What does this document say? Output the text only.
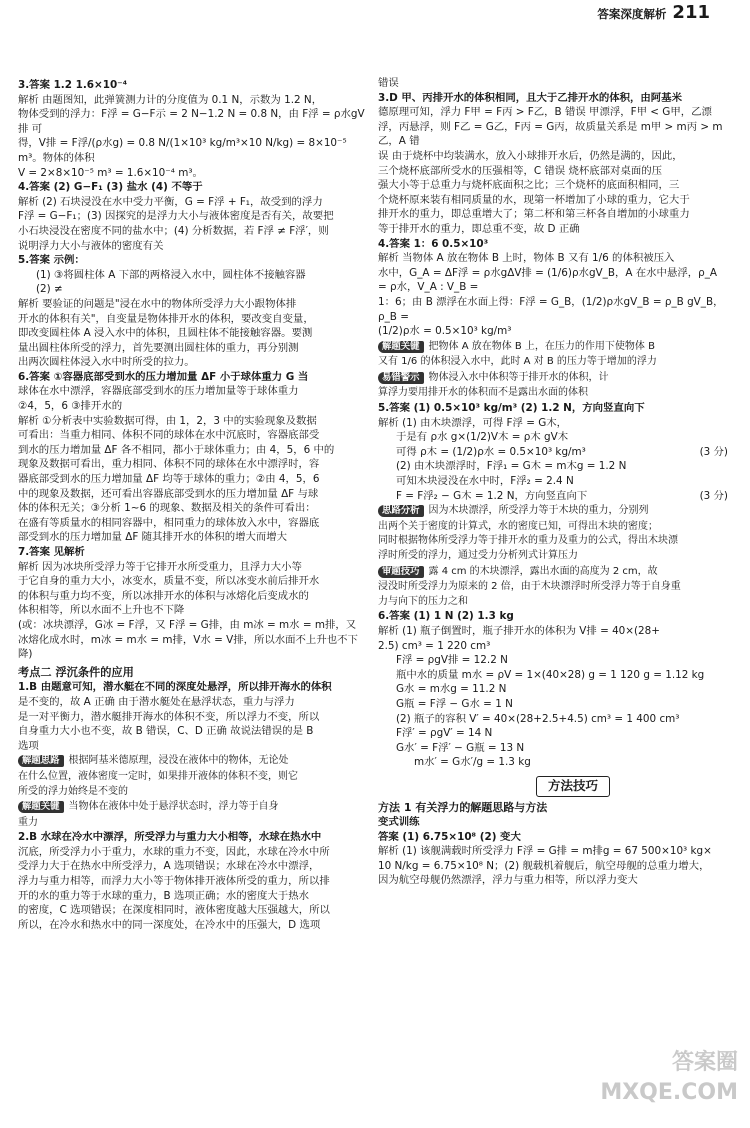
答案深度解析 211
3.答案 1.2 1.6×10⁻⁴
解析 由题图知，此弹簧测力计的分度值为 0.1 N，示数为 1.2 N，
物体受到的浮力：F浮 = G−F示 = 2 N−1.2 N = 0.8 N，由 F浮 = ρ水gV排 可
得，V排 = F浮/(ρ水g) = 0.8 N/(1×10³ kg/m³×10 N/kg) = 8×10⁻⁵ m³。物体的体积
V = 2×8×10⁻⁵ m³ = 1.6×10⁻⁴ m³。
4.答案 (2) G−F₁ (3) 盐水 (4) 不等于
解析 (2) 石块浸没在水中受力平衡，G = F浮 + F₁，故受到的浮力
F浮 = G−F₁；(3) 因探究的是浮力大小与液体密度是否有关，故要把
小石块浸没在密度不同的盐水中；(4) 分析数据，若 F浮 ≠ F浮′，则
说明浮力大小与液体的密度有关
5.答案 示例：
(1) ③将圆柱体 A 下部的两格浸入水中，圆柱体不接触容器
(2) ≠
解析 要验证的问题是"浸在水中的物体所受浮力大小跟物体排
开水的体积有关"，自变量是物体排开水的体积，要改变自变量，
即改变圆柱体 A 浸入水中的体积，且圆柱体不能接触容器。要测
量出圆柱体所受的浮力，首先要测出圆柱体的重力，再分别测
出两次圆柱体浸入水中时所受的拉力。
6.答案 ①容器底部受到水的压力增加量 ΔF 小于球体重力 G 当
球体在水中漂浮，容器底部受到水的压力增加量等于球体重力
②4，5，6 ③排开水的
解析 ①分析表中实验数据可得，由 1，2，3 中的实验现象及数据
可看出：当重力相同、体积不同的球体在水中沉底时，容器底部受
到水的压力增加量 ΔF 各不相同，都小于球体重力；由 4，5，6 中的
现象及数据可看出，重力相同、体积不同的球体在水中漂浮时，容
器底部受到水的压力增加量 ΔF 均等于球体的重力；②由 4，5，6
中的现象及数据，还可看出容器底部受到水的压力增加量 ΔF 与球
体的体积无关；③分析 1~6 的现象、数据及相关的条件可看出：
在盛有等质量水的相同容器中，相同重力的球体放入水中，容器底
部受到水的压力增加量 ΔF 随其排开水的体积的增大而增大
7.答案 见解析
解析 因为冰块所受浮力等于它排开水所受重力，且浮力大小等
于它自身的重力大小，冰变水，质量不变，所以冰变水前后排开水
的体积与重力均不变，所以冰排开水的体积与冰熔化后变成水的
体积相等，所以水面不上升也不下降
(或：冰块漂浮，G冰 = F浮，又 F浮 = G排，由 m冰 = m水 = m排，又
冰熔化成水时，m冰 = m水 = m排，V水 = V排，所以水面不上升也不下降)
考点二 浮沉条件的应用
1.B 由题意可知，潜水艇在不同的深度处悬浮，所以排开海水的体积
是不变的，故 A 正确 由于潜水艇处在悬浮状态，重力与浮力
是一对平衡力，潜水艇排开海水的体积不变，所以浮力不变，所以
自身重力大小也不变，故 B 错误，C、D 正确 故说法错误的是 B
选项
解题思路 根据阿基米德原理，浸没在液体中的物体，无论处
在什么位置，液体密度一定时，如果排开液体的体积不变，则它
所受的浮力始终是不变的
解题关键 当物体在液体中处于悬浮状态时，浮力等于自身
重力
2.B 水球在冷水中漂浮，所受浮力与重力大小相等，水球在热水中
沉底，所受浮力小于重力，水球的重力不变，因此，水球在冷水中所
受浮力大于在热水中所受浮力，A 选项错误；水球在冷水中漂浮，
浮力与重力相等，而浮力大小等于物体排开液体所受的重力，所以排
开的水的重力等于水球的重力，B 选项正确；水的密度大于热水
的密度，C 选项错误；在深度相同时，液体密度越大压强越大，所以
所以，在冷水和热水中的同一深度处，在冷水中的压强大，D 选项
错误
3.D 甲、丙排开水的体积相同，且大于乙排开水的体积，由阿基米
德原理可知，浮力 F甲 = F丙 > F乙，B 错误 甲漂浮，F甲 < G甲，乙漂
浮，丙悬浮，则 F乙 = G乙，F丙 = G丙，故质量关系是 m甲 > m丙 > m乙，A 错
误 由于烧杯中均装满水，放入小球排开水后，仍然是满的，因此，
三个烧杯底部所受水的压强相等，C 错误 烧杯底部对桌面的压
强大小等于总重力与烧杯底面积之比；三个烧杯的底面积相同，三
个烧杯原来装有相同质量的水，现第一杯增加了小球的重力，它大于
排开水的重力，即总重增大了；第二杯和第三杯各自增加的小球重力
等于排开水的重力，即总重不变，故 D 正确
4.答案 1：6 0.5×10³
解析 当物体 A 放在物体 B 上时，物体 B 又有 1/6 的体积被压入
水中，G_A = ΔF浮 = ρ水gΔV排 = (1/6)ρ水gV_B，A 在水中悬浮，ρ_A = ρ水，V_A : V_B =
1：6；由 B 漂浮在水面上得：F浮 = G_B，(1/2)ρ水gV_B = ρ_B gV_B，ρ_B =
(1/2)ρ水 = 0.5×10³ kg/m³
解题关键 把物体 A 放在物体 B 上，在压力的作用下使物体 B
又有 1/6 的体积浸入水中，此时 A 对 B 的压力等于增加的浮力
易错警示 物体浸入水中体积等于排开水的体积，计
算浮力要用排开水的体积而不是露出水面的体积
5.答案 (1) 0.5×10³ kg/m³ (2) 1.2 N，方向竖直向下
解析 (1) 由木块漂浮，可得 F浮 = G木，
于是有 ρ水 g×(1/2)V木 = ρ木 gV木
可得 ρ木 = (1/2)ρ水 = 0.5×10³ kg/m³	(3 分)
(2) 由木块漂浮时，F浮₁ = G木 = m木g = 1.2 N
可知木块浸没在水中时，F浮₂ = 2.4 N
F = F浮₂ − G木 = 1.2 N，方向竖直向下	(3 分)
思路分析 因为木块漂浮，所受浮力等于木块的重力，分别列
出两个关于密度的计算式，水的密度已知，可得出木块的密度；
同时根据物体所受浮力等于排开水的重力及重力的公式，得出木块漂
浮时所受的浮力，通过受力分析列式计算压力
审题技巧 露 4 cm 的木块漂浮，露出水面的高度为 2 cm，故
浸没时所受浮力为原来的 2 倍，由于木块漂浮时所受浮力等于自身重
力与向下的压力之和
6.答案 (1) 1 N (2) 1.3 kg
解析 (1) 瓶子倒置时，瓶子排开水的体积为 V排 = 40×(28+
2.5) cm³ = 1 220 cm³
F浮 = ρgV排 = 12.2 N
瓶中水的质量 m水 = ρV = 1×(40×28) g = 1 120 g = 1.12 kg
G水 = m水g = 11.2 N
G瓶 = F浮 − G水 = 1 N
(2) 瓶子的容积 V′ = 40×(28+2.5+4.5) cm³ = 1 400 cm³
F浮′ = ρgV′ = 14 N
G水′ = F浮′ − G瓶 = 13 N
m水′ = G水′/g = 1.3 kg
方法技巧
方法 1 有关浮力的解题思路与方法
变式训练
答案 (1) 6.75×10⁸ (2) 变大
解析 (1) 该舰满载时所受浮力 F浮 = G排 = m排g = 67 500×10³ kg×
10 N/kg = 6.75×10⁸ N；(2) 舰载机着舰后，航空母舰的总重力增大，
因为航空母舰仍然漂浮，浮力与重力相等，所以浮力变大
答案圈 MXQE.COM
